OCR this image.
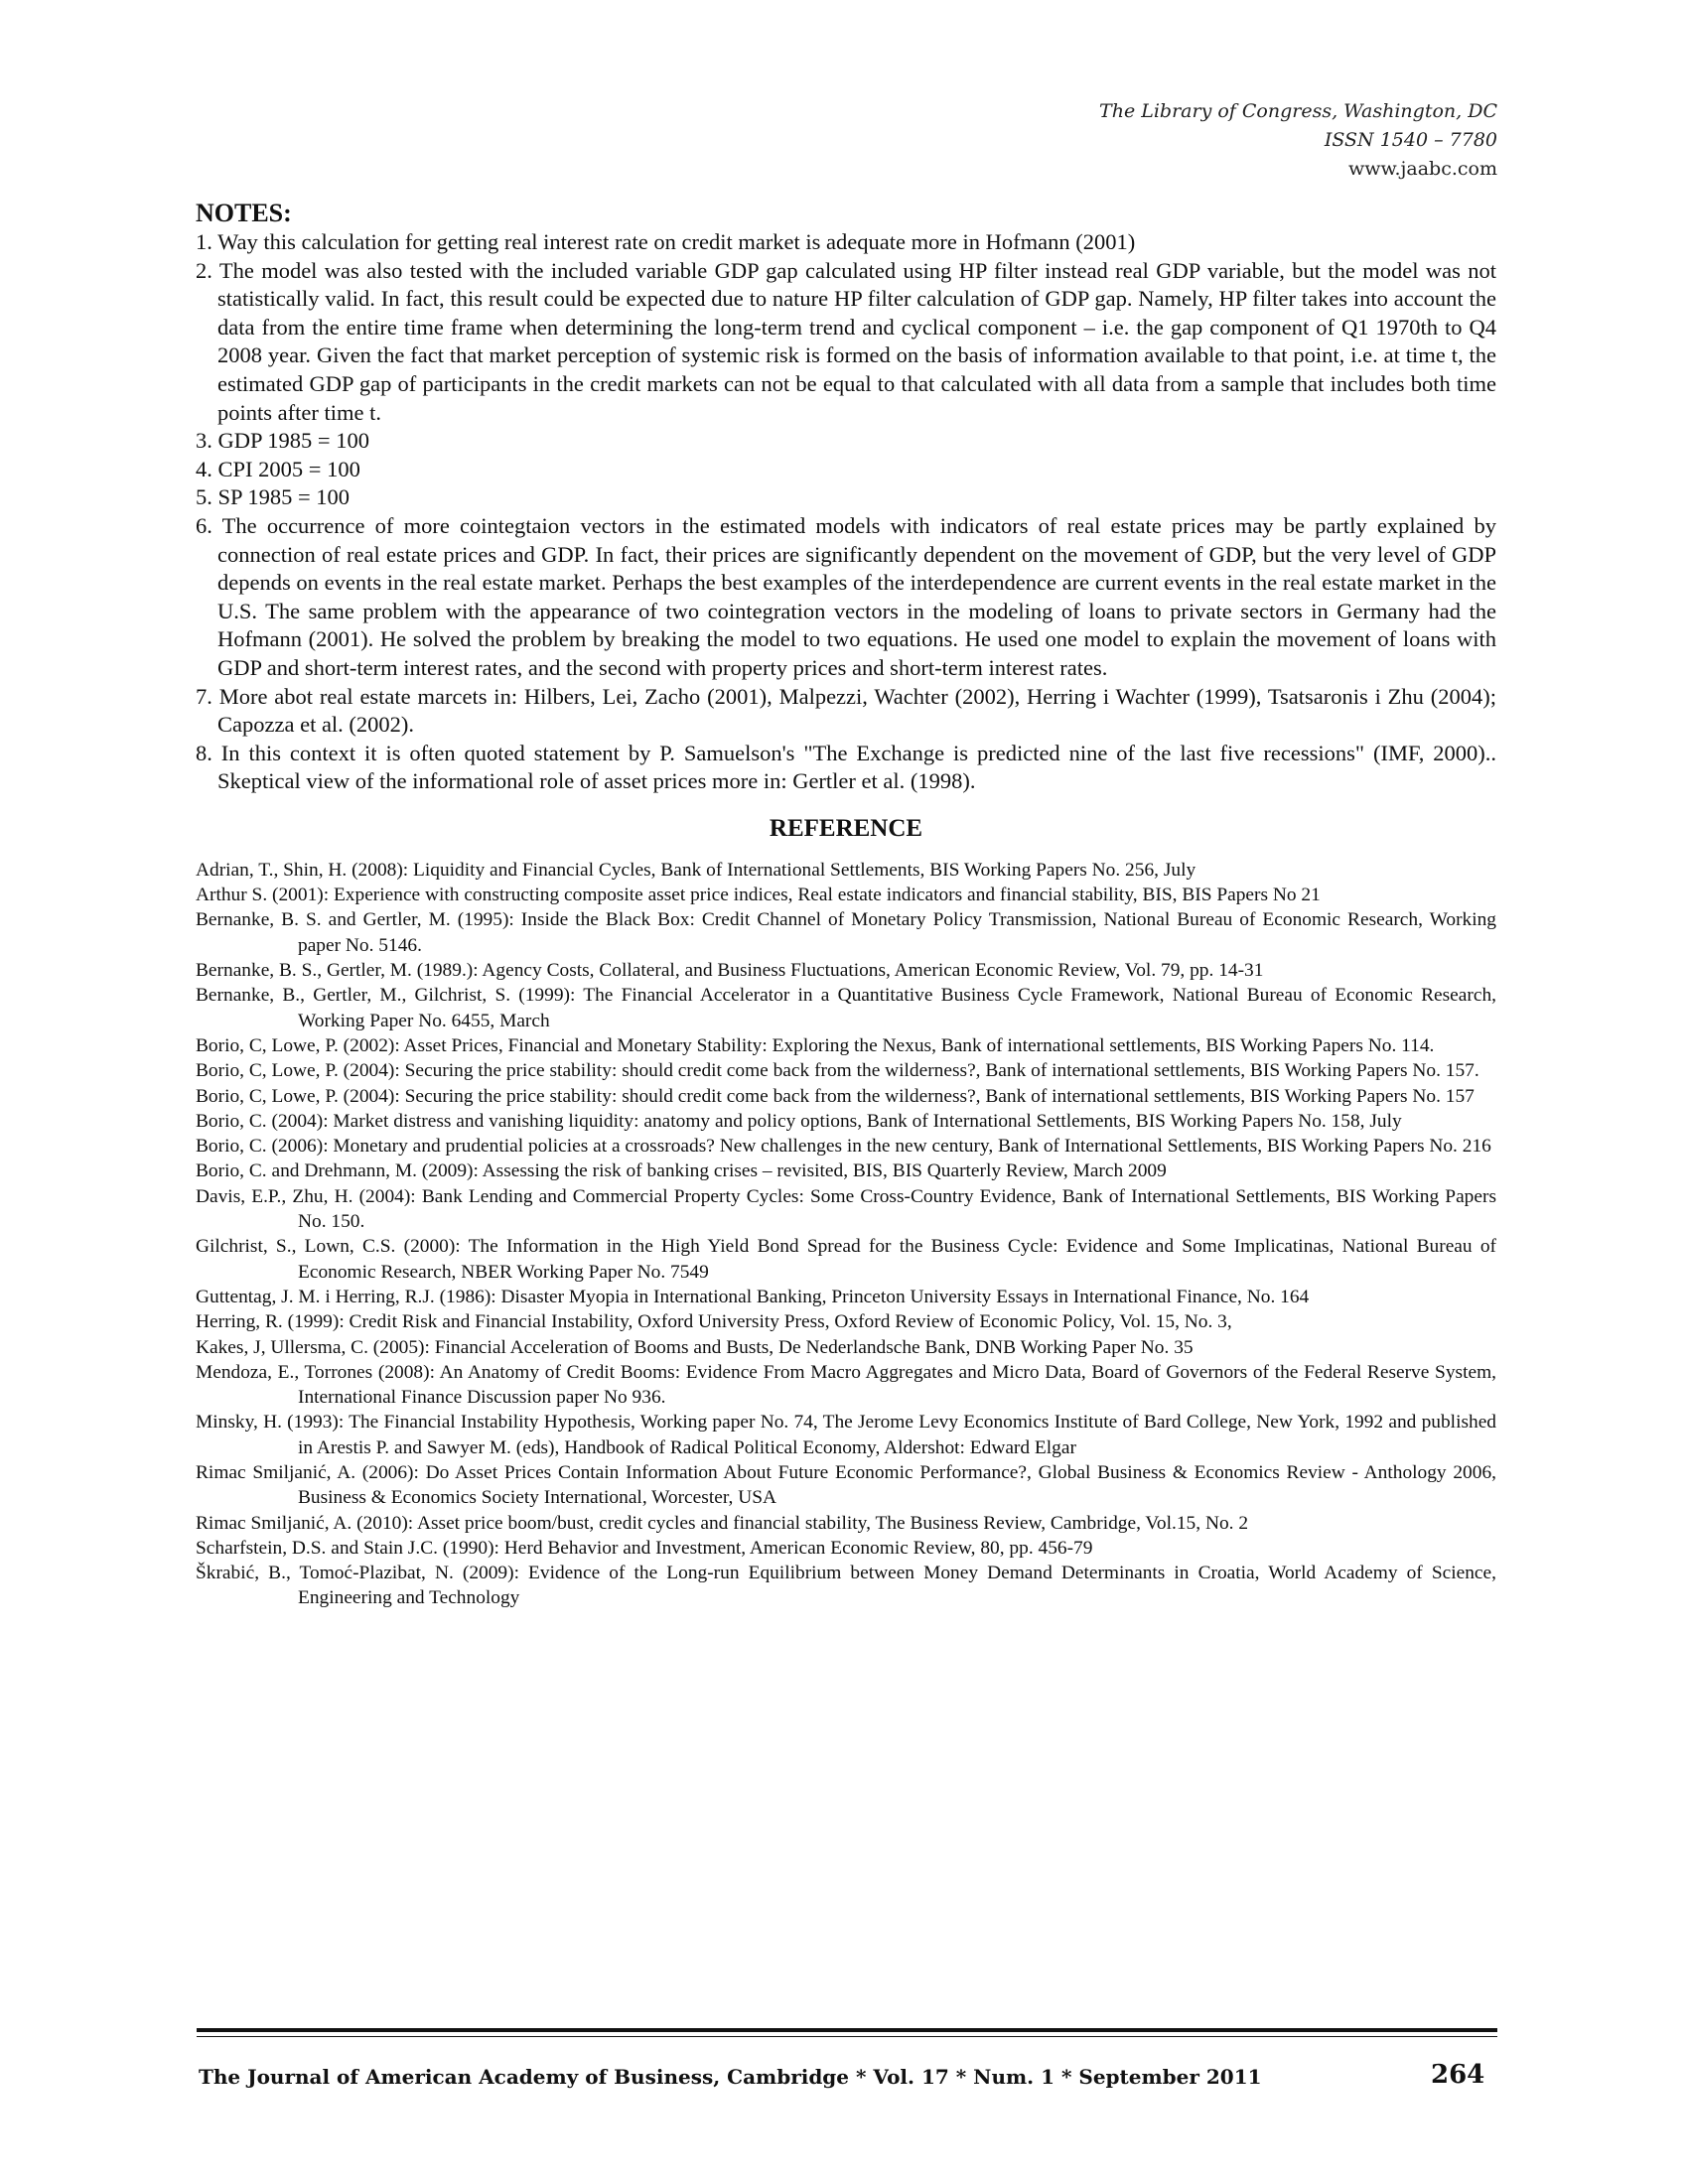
The Library of Congress, Washington, DC
ISSN 1540 – 7780
www.jaabc.com
NOTES:
1. Way this calculation for getting real interest rate on credit market is adequate more in Hofmann (2001)
2. The model was also tested with the included variable GDP gap calculated using HP filter instead real GDP variable, but the model was not statistically valid. In fact, this result could be expected due to nature HP filter calculation of GDP gap. Namely, HP filter takes into account the data from the entire time frame when determining the long-term trend and cyclical component – i.e. the gap component of Q1 1970th to Q4 2008 year. Given the fact that market perception of systemic risk is formed on the basis of information available to that point, i.e. at time t, the estimated GDP gap of participants in the credit markets can not be equal to that calculated with all data from a sample that includes both time points after time t.
3. GDP 1985 = 100
4. CPI 2005 = 100
5. SP 1985 = 100
6. The occurrence of more cointegtaion vectors in the estimated models with indicators of real estate prices may be partly explained by connection of real estate prices and GDP. In fact, their prices are significantly dependent on the movement of GDP, but the very level of GDP depends on events in the real estate market. Perhaps the best examples of the interdependence are current events in the real estate market in the U.S. The same problem with the appearance of two cointegration vectors in the modeling of loans to private sectors in Germany had the Hofmann (2001). He solved the problem by breaking the model to two equations. He used one model to explain the movement of loans with GDP and short-term interest rates, and the second with property prices and short-term interest rates.
7. More abot real estate marcets in: Hilbers, Lei, Zacho (2001), Malpezzi, Wachter (2002), Herring i Wachter (1999), Tsatsaronis i Zhu (2004); Capozza et al. (2002).
8. In this context it is often quoted statement by P. Samuelson's "The Exchange is predicted nine of the last five recessions" (IMF, 2000).. Skeptical view of the informational role of asset prices more in: Gertler et al. (1998).
REFERENCE
Adrian, T., Shin, H. (2008): Liquidity and Financial Cycles, Bank of International Settlements, BIS Working Papers No. 256, July
Arthur S. (2001): Experience with constructing composite asset price indices, Real estate indicators and financial stability, BIS, BIS Papers No 21
Bernanke, B. S. and Gertler, M. (1995): Inside the Black Box: Credit Channel of Monetary Policy Transmission, National Bureau of Economic Research, Working paper No. 5146.
Bernanke, B. S., Gertler, M. (1989.): Agency Costs, Collateral, and Business Fluctuations, American Economic Review, Vol. 79, pp. 14-31
Bernanke, B., Gertler, M., Gilchrist, S. (1999): The Financial Accelerator in a Quantitative Business Cycle Framework, National Bureau of Economic Research, Working Paper No. 6455, March
Borio, C, Lowe, P. (2002): Asset Prices, Financial and Monetary Stability: Exploring the Nexus, Bank of international settlements, BIS Working Papers No. 114.
Borio, C, Lowe, P. (2004): Securing the price stability: should credit come back from the wilderness?, Bank of international settlements, BIS Working Papers No. 157.
Borio, C, Lowe, P. (2004): Securing the price stability: should credit come back from the wilderness?, Bank of international settlements, BIS Working Papers No. 157
Borio, C. (2004): Market distress and vanishing liquidity: anatomy and policy options, Bank of International Settlements, BIS Working Papers No. 158, July
Borio, C. (2006): Monetary and prudential policies at a crossroads? New challenges in the new century, Bank of International Settlements, BIS Working Papers No. 216
Borio, C. and Drehmann, M. (2009): Assessing the risk of banking crises – revisited, BIS, BIS Quarterly Review, March 2009
Davis, E.P., Zhu, H. (2004): Bank Lending and Commercial Property Cycles: Some Cross-Country Evidence, Bank of International Settlements, BIS Working Papers No. 150.
Gilchrist, S., Lown, C.S. (2000): The Information in the High Yield Bond Spread for the Business Cycle: Evidence and Some Implicatinas, National Bureau of Economic Research, NBER Working Paper No. 7549
Guttentag, J. M. i Herring, R.J. (1986): Disaster Myopia in International Banking, Princeton University Essays in International Finance, No. 164
Herring, R. (1999): Credit Risk and Financial Instability, Oxford University Press, Oxford Review of Economic Policy, Vol. 15, No. 3,
Kakes, J, Ullersma, C. (2005): Financial Acceleration of Booms and Busts, De Nederlandsche Bank, DNB Working Paper No. 35
Mendoza, E., Torrones (2008): An Anatomy of Credit Booms: Evidence From Macro Aggregates and Micro Data, Board of Governors of the Federal Reserve System, International Finance Discussion paper No 936.
Minsky, H. (1993): The Financial Instability Hypothesis, Working paper No. 74, The Jerome Levy Economics Institute of Bard College, New York, 1992 and published in Arestis P. and Sawyer M. (eds), Handbook of Radical Political Economy, Aldershot: Edward Elgar
Rimac Smiljanić, A. (2006): Do Asset Prices Contain Information About Future Economic Performance?, Global Business & Economics Review - Anthology 2006, Business & Economics Society International, Worcester, USA
Rimac Smiljanić, A. (2010): Asset price boom/bust, credit cycles and financial stability, The Business Review, Cambridge, Vol.15, No. 2
Scharfstein, D.S. and Stain J.C. (1990): Herd Behavior and Investment, American Economic Review, 80, pp. 456-79
Škrabić, B., Tomoć-Plazibat, N. (2009): Evidence of the Long-run Equilibrium between Money Demand Determinants in Croatia, World Academy of Science, Engineering and Technology
The Journal of American Academy of Business, Cambridge * Vol. 17 * Num. 1 * September 2011	264
